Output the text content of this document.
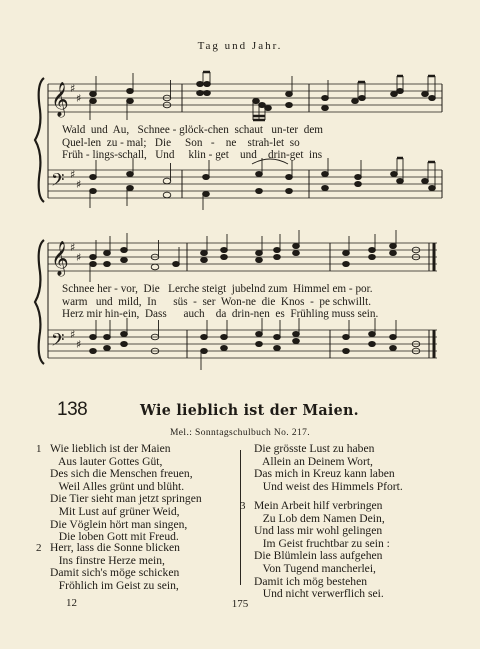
Tag und Jahr.
𝄞
𝄢
♯
♯
♯
♯
𝄞
𝄢
♯
♯
♯
♯
Wald  und  Au,   Schnee - glöck-chen  schaut   un-ter  dem
Quel-len  zu - mal;   Die     Son   -    ne    strah-let  so
Früh - lings-schall,   Und     klin - get    und    drin-get  ins
Schnee her - vor,  Die   Lerche steigt  jubelnd zum  Himmel em - por.
warm   und  mild,  In      süs  -  ser  Won-ne  die  Knos  -  pe schwillt.
Herz mir hin-ein,  Dass      auch    da  drin-nen  es  Frühling muss sein.
138	Wie lieblich ist der Maien.
Mel.: Sonntagschulbuch No. 217.
1 Wie lieblich ist der Maien
Aus lauter Gottes Güt,
Des sich die Menschen freuen,
Weil Alles grünt und blüht.
Die Tier sieht man jetzt springen
Mit Lust auf grüner Weid,
Die Vöglein hört man singen,
Die loben Gott mit Freud.
2 Herr, lass die Sonne blicken
Ins finstre Herze mein,
Damit sich's möge schicken
Fröhlich im Geist zu sein,
Die grösste Lust zu haben
Allein an Deinem Wort,
Das mich in Kreuz kann laben
Und weist des Himmels Pfort.
3 Mein Arbeit hilf verbringen
Zu Lob dem Namen Dein,
Und lass mir wohl gelingen
Im Geist fruchtbar zu sein :
Die Blümlein lass aufgehen
Von Tugend mancherlei,
Damit ich mög bestehen
Und nicht verwerflich sei.
12	175
